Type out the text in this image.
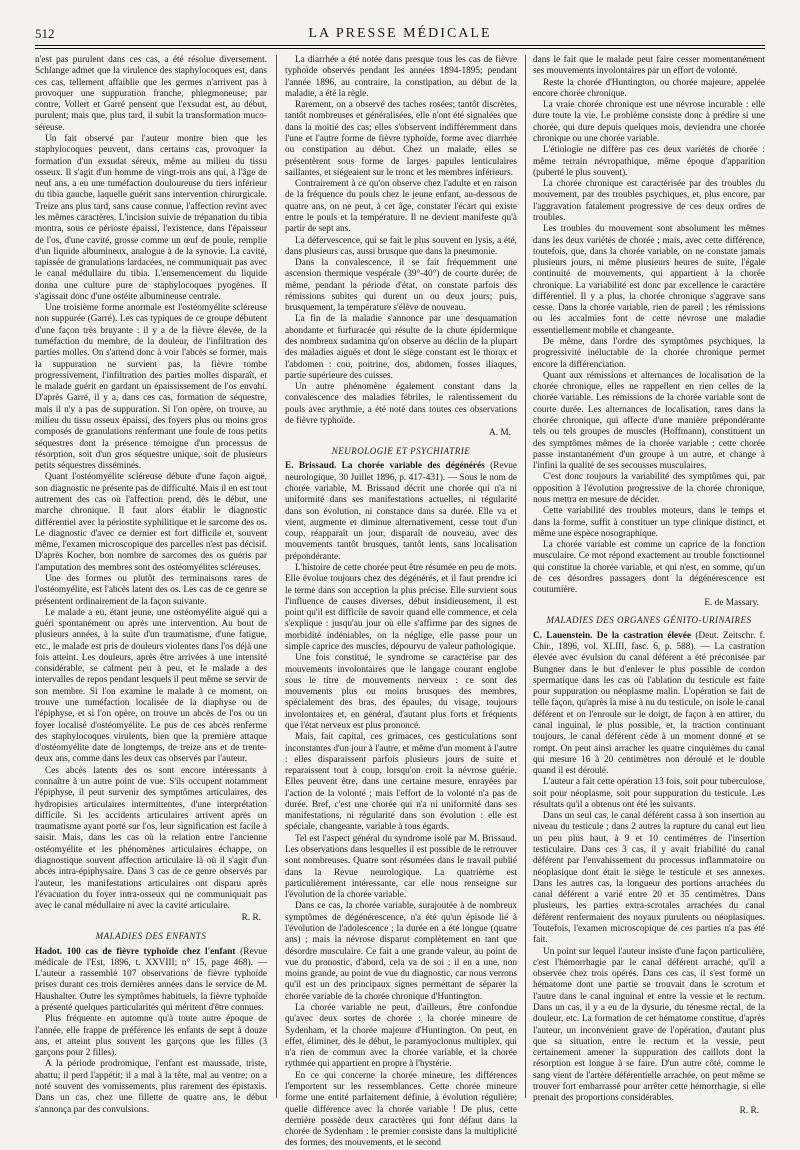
512	LA PRESSE MÉDICALE

n'est pas purulent dans ces cas, a été résolue diversement. Schlange admet que la virulence des staphylocoques est, dans ces cas, tellement affaiblie que les germes n'arrivent pas à provoquer une suppuration franche, phlegmoneuse; par contre, Vollert et Garré pensent que l'exsudat est, au début, purulent; mais que, plus tard, il subit la transformation muco-séreuse.

Un fait observé par l'auteur montre bien que les staphylocoques peuvent, dans certains cas, provoquer la formation d'un exsudat séreux, même au milieu du tissu osseux. Il s'agit d'un homme de vingt-trois ans qui, à l'âge de neuf ans, a eu une tuméfaction douloureuse du tiers inférieur du tibia gauche, laquelle guérit sans intervention chirurgicale. Treize ans plus tard, sans cause connue, l'affection revint avec les mêmes caractères. L'incision suivie de trépanation du tibia montra, sous ce périoste épaissi, l'existence, dans l'épaisseur de l'os, d'une cavité, grosse comme un œuf de poule, remplie d'un liquide albumineux, analogue à de la synovie. La cavité, tapissée de granulations lardacées, ne communiquait pas avec le canal médullaire du tibia. L'ensemencement du liquide donna une culture pure de staphylocoques pyogènes. Il s'agissait donc d'une ostéite albumineuse centrale.

Une troisième forme anormale est l'ostéomyélite scléreuse non suppurée (Garré). Les cas typiques de ce groupe débutent d'une façon très bruyante : il y a de la fièvre élevée, de la tuméfaction du membre, de la douleur, de l'infiltration des parties molles. On s'attend donc à voir l'abcès se former, mais la suppuration ne survient pas, la fièvre tombe progressivement, l'infiltration des parties molles disparaît, et le malade guérit en gardant un épaississement de l'os envahi. D'après Garré, il y a, dans ces cas, formation de séquestre, mais il n'y a pas de suppuration. Si l'on opère, on trouve, au milieu du tissu osseux épaissi, des foyers plus ou moins gros composés de granulations renfermant une foule de tous petits séquestres dont la présence témoigne d'un processus de résorption, soit d'un gros séquestre unique, soit de plusieurs petits séquestres disséminés.

Quant l'ostéomyélite scléreuse débute d'une façon aiguë, son diagnostic ne présente pas de difficulté. Mais il en est tout autrement des cas où l'affection prend, dès le début, une marche chronique. Il faut alors établir le diagnostic différentiel avec la périostite syphilitique et le sarcome des os. Le diagnostic d'avec ce dernier est fort difficile et, souvent même, l'examen microscopique des parcelles n'est pas décisif. D'après Kocher, bon nombre de sarcomes des os guéris par l'amputation des membres sont des ostéomyélites scléreuses.

Une des formes ou plutôt des terminaisons rares de l'ostéomyélite, est l'abcès latent des os. Les cas de ce genre se présentent ordinairement de la façon suivante.

Le malade a eu, étant jeune, une ostéomyélite aiguë qui a guéri spontanément ou après une intervention. Au bout de plusieurs années, à la suite d'un traumatisme, d'une fatigue, etc., le malade est pris de douleurs violentes dans l'os déjà une fois atteint. Les douleurs, après être arrivées à une intensité considérable, se calment peu à peu, et le malade a des intervalles de repos pendant lesquels il peut même se servir de son membre. Si l'on examine le malade à ce moment, on trouve une tuméfaction localisée de la diaphyse ou de l'épiphyse, et si l'on opère, on trouve un abcès de l'os ou un foyer localisé d'ostéomyélite. Le pus de ces abcès renferme des staphylocoques virulents, bien que la première attaque d'ostéomyélite date de longtemps, de treize ans et de trente-deux ans, comme dans les deux cas observés par l'auteur.

Ces abcès latents des os sont encore intéressants à connaître à un autre point de vue. S'ils occupent notamment l'épiphyse, il peut survenir des symptômes articulaires, des hydropisies articulaires intermittentes, d'une interprétation difficile. Si les accidents articulaires arrivent après un traumatisme ayant porté sur l'os, leur signification est facile à saisir. Mais, dans les cas où la relation entre l'ancienne ostéomyélite et les phénomènes articulaires échappe, on diagnostique souvent affection articulaire là où il s'agit d'un abcès intra-épiphysaire. Dans 3 cas de ce genre observés par l'auteur, les manifestations articulaires ont disparu après l'évacuation du foyer intra-osseux qui ne communiquait pas avec le canal médullaire ni avec la cavité articulaire.

R. R.
MALADIES DES ENFANTS

Hadot. 100 cas de fièvre typhoïde chez l'enfant (Revue médicale de l'Est, 1896, t. XXVIII; n° 15, page 468). — L'auteur a rassemblé 107 observations de fièvre typhoïde prises durant ces trois dernières années dans le service de M. Haushalter. Outre les symptômes habituels, la fièvre typhoïde a présenté quelques particularités qui méritent d'être connues.

Plus fréquente en automne qu'à toute autre époque de l'année, elle frappe de préférence les enfants de sept à douze ans, et atteint plus souvent les garçons que les filles (3 garçons pour 2 filles).

A la période prodromique, l'enfant est maussade, triste, abattu; il perd l'appétit; il a mal à la tête, mal au ventre; on a noté souvent des vomissements, plus rarement des épistaxis. Dans un cas, chez une fillette de quatre ans, le début s'annonça par des convulsions.

La diarrhée a été notée dans presque tous les cas de fièvre typhoïde observés pendant les années 1894-1895; pendant l'année 1896, au contraire, la constipation, au début de la maladie, a été la règle.

Rarement, on a observé des taches rosées; tantôt discrètes, tantôt nombreuses et généralisées, elle n'ont été signalées que dans la moitié des cas; elles s'observent indifféremment dans l'une et l'autre forme de fièvre typhoïde, forme avec diarrhée ou constipation au début. Chez un malade, elles se présentèrent sous forme de larges papules lenticulaires saillantes, et siégeaient sur le tronc et les membres inférieurs.

Contrairement à ce qu'on observe chez l'adulte et en raison de la fréquence du pouls chez le jeune enfant, au-dessous de quatre ans, on ne peut, à cet âge, constater l'écart qui existe entre le pouls et la température. Il ne devient manifeste qu'à partir de sept ans.

La défervescence, qui se fait le plus souvent en lysis, a été, dans plusieurs cas, aussi brusque que dans la pneumonie.

Dans la convalescence, il se fait fréquemment une ascension thermique vespérale (39°-40°) de courte durée; de même, pendant la période d'état, on constate parfois des rémissions subites qui durent un ou deux jours; puis, brusquement, la température s'élève de nouveau.

La fin de la maladie s'annonce par une desquamation abondante et furfuracée qui résulte de la chute épidermique des nombreux sudamina qu'on observe au déclin de la plupart des maladies aiguës et dont le siège constant est le thorax et l'abdomen : cou, poitrine, dos, abdomen, fosses iliaques, partie supérieure des cuisses.

Un autre phénomène également constant dans la convalescence des maladies fébriles, le ralentissement du pouls avec arythmie, a été noté dans toutes ces observations de fièvre typhoïde.

A. M.
NEUROLOGIE ET PSYCHIATRIE

E. Brissaud. La chorée variable des dégénérés (Revue neurologique, 30 Juillet 1896, p. 417-431). — Sous le nom de chorée variable, M. Brissaud décrit une chorée qui n'a ni uniformité dans ses manifestations actuelles, ni régularité dans son évolution, ni constance dans sa durée. Elle va et vient, augmente et diminue alternativement, cesse tout d'un coup, réapparaît un jour, disparaît de nouveau, avec des mouvements tantôt brusques, tantôt lents, sans localisation prépondérante.

L'histoire de cette chorée peut être résumée en peu de mots. Elle évolue toujours chez des dégénérés, et il faut prendre ici le terme dans son acception la plus précise. Elle survient sous l'influence de causes diverses, début insidieusement, il est point qu'il est difficile de savoir quand elle commence, et cela s'explique : jusqu'au jour où elle s'affirme par des signes de morbidité indéniables, on la néglige, elle passe pour un simple caprice des muscles, dépourvu de valeur pathologique.

Une fois constitué, le syndrome se caractérise par des mouvements involontaires que le langage courant englobe sous le titre de mouvements nerveux : ce sont des mouvements plus ou moins brusques des membres, spécialement des bras, des épaules, du visage, toujours involontaires et, en général, d'autant plus forts et fréquents que l'état nerveux est plus prononcé.

Mais, fait capital, ces grimaces, ces gesticulations sont inconstantes d'un jour à l'autre, et même d'un moment à l'autre : elles disparaissent parfois plusieurs jours de suite et reparaissent tout à coup, lorsqu'on croit la névrose guérie. Elles peuvent être, dans une certaine mesure, enrayées par l'action de la volonté ; mais l'effort de la volonté n'a pas de durée. Bref, c'est une chorée qui n'a ni uniformité dans ses manifestations, ni régularité dans son évolution : elle est spéciale, changeante, variable à tous égards.

Tel est l'aspect général du syndrome isolé par M. Brissaud. Les observations dans lesquelles il est possible de le retrouver sont nombreuses. Quatre sont résumées dans le travail publié dans la Revue neurologique. La quatrième est particulièrement intéressante, car elle nous renseigne sur l'évolution de la chorée variable.

Dans ce cas, la chorée variable, surajoutée à de nombreux symptômes de dégénérescence, n'a été qu'un épisode lié à l'évolution de l'adolescence ; la durée en a été longue (quatre ans) ; mais la névrose disparut complètement en tant que désordre musculaire. Ce fait a une grande valeur, au point de vue du pronostic, d'abord, cela va de soi ; il en a une, non moins grande, au point de vue du diagnostic, car nous verrons qu'il est un des principaux signes permettant de séparer la chorée variable de la chorée chronique d'Huntington.

La chorée variable ne peut, d'ailleurs, être confondue qu'avec deux sortes de chorée : la chorée mineure de Sydenham, et la chorée majeure d'Huntington. On peut, en effet, éliminer, dès le début, le paramyoclonus multiplex, qui n'a rien de commun avec la chorée variable, et la chorée rythmée qui appartient en propre à l'hystérie.

En ce qui concerne la chorée mineure, les différences l'emportent sur les ressemblances. Cette chorée mineure forme une entité parfaitement définie, à évolution régulière; quelle différence avec la chorée variable ! De plus, cette dernière possède deux caractères qui font défaut dans la chorée de Sydenham : le premier consiste dans la multiplicité des formes, des mouvements, et le second

dans le fait que le malade peut faire cesser momentanément ses mouvements involontaires par un effort de volonté.

Reste la chorée d'Huntington, ou chorée majeure, appelée encore chorée chronique.

La vraie chorée chronique est une névrose incurable : elle dure toute la vie. Le problème consiste donc à prédire si une chorée, qui dure depuis quelques mois, deviendra une chorée chronique ou une chorée variable.

L'étiologie ne diffère pas ces deux variétés de chorée : même terrain névropathique, même époque d'apparition (puberté le plus souvent).

La chorée chronique est caractérisée par des troubles du mouvement, par des troubles psychiques, et, plus encore, par l'aggravation fatalement progressive de ces deux ordres de troubles.

Les troubles du mouvement sont absolument les mêmes dans les deux variétés de chorée ; mais, avec cette différence, toutefois, que, dans la chorée variable, on ne constate jamais plusieurs jours, ni même plusieurs heures de suite, l'égale continuité de mouvements, qui appartient à la chorée chronique. La variabilité est donc par excellence le caractère différentiel. Il y a plus, la chorée chronique s'aggrave sans cesse. Dans la chorée variable, rien de pareil ; les rémissions ou les accalmies font de cette névrose une maladie essentiellement mobile et changeante.

De même, dans l'ordre des symptômes psychiques, la progressivité inéluctable de la chorée chronique permet encore la différenciation.

Quant aux rémissions et alternances de localisation de la chorée chronique, elles ne rappellent en rien celles de la chorée variable. Les rémissions de la chorée variable sont de courte durée. Les alternances de localisation, rares dans la chorée chronique, qui affecte d'une manière prépondérante tels ou tels groupes de muscles (Hoffmann), constituent un des symptômes mêmes de la chorée variable ; cette chorée passe instantanément d'un groupe à un autre, et change à l'infini la qualité de ses secousses musculaires.

C'est donc toujours la variabilité des symptômes qui, par opposition à l'évolution progressive de la chorée chronique, nous mettra en mesure de décider.

Cette variabilité des troubles moteurs, dans le temps et dans la forme, suffit à constituer un type clinique distinct, et même une espèce nosographique.

La chorée variable est comme un caprice de la fonction musculaire. Ce mot répond exactement au trouble fonctionnel qui constitue la chorée variable, et qui n'est, en somme, qu'un de ces désordres passagers dont la dégénérescence est coutumière.

E. de Massary.
MALADIES DES ORGANES GÉNITO-URINAIRES

C. Lauenstein. De la castration élevée (Deut. Zeitschr. f. Chir., 1896, vol. XLIII, fasc. 6, p. 588). — La castration élevée avec évulsion du canal déférent a été préconisée par Bungner dans le but d'enlever le plus possible de cordon spermatique dans les cas où l'ablation du testicule est faite pour suppuration ou néoplasme malin. L'opération se fait de telle façon, qu'après la mise à nu du testicule, on isole le canal déférent et on l'enroule sur le doigt, de façon à en attirer, du canal inguinal, le plus possible, et, la traction continuant toujours, le canal déférent cède à un moment donné et se rompt. On peut ainsi arracher les quatre cinquièmes du canal qui mesure 16 à 20 centimètres non déroulé et le double quand il est déroulé.

L'auteur a fait cette opération 13 fois, soit pour tuberculose, soit pour néoplasme, soit pour suppuration du testicule. Les résultats qu'il a obtenus ont été les suivants.

Dans un seul cas, le canal déférent cassa à son insertion au niveau du testicule ; dans 2 autres la rupture du canal eut lieu un peu plus haut, à 9 et 10 centimètres de l'insertion testiculaire. Dans ces 3 cas, il y avait friabilité du canal déférent par l'envahissement du processus inflammatoire ou néoplasique dont était le siège le testicule et ses annexes. Dans les autres cas, la longueur des portions arrachées du canal déférent a varié entre 20 et 35 centimètres. Dans plusieurs, les parties extra-scrotales arrachées du canal déférent renfermaient des noyaux purulents ou néoplasiques. Toutefois, l'examen microscopique de ces parties n'a pas été fait.

Un point sur lequel l'auteur insiste d'une façon particulière, c'est l'hémorrhagie par le canal déférent arraché, qu'il a observée chez trois opérés. Dans ces cas, il s'est formé un hématome dont une partie se trouvait dans le scrotum et l'autre dans le canal inguinal et entre la vessie et le rectum. Dans un cas, il y a eu de la dysurie, du ténesme rectal, de la douleur, etc. La formation de cet hématome constitue, d'après l'auteur, un inconvénient grave de l'opération, d'autant plus que sa situation, entre le rectum et la vessie, peut certainement amener la suppuration des caillots dont la résorption est longue à se faire. D'un autre côté, comme le sang vient de l'artère déférentielle arrachée, on peut même se trouver fort embarrassé pour arrêter cette hémorrhagie, si elle prenait des proportions considérables.

R. R.
